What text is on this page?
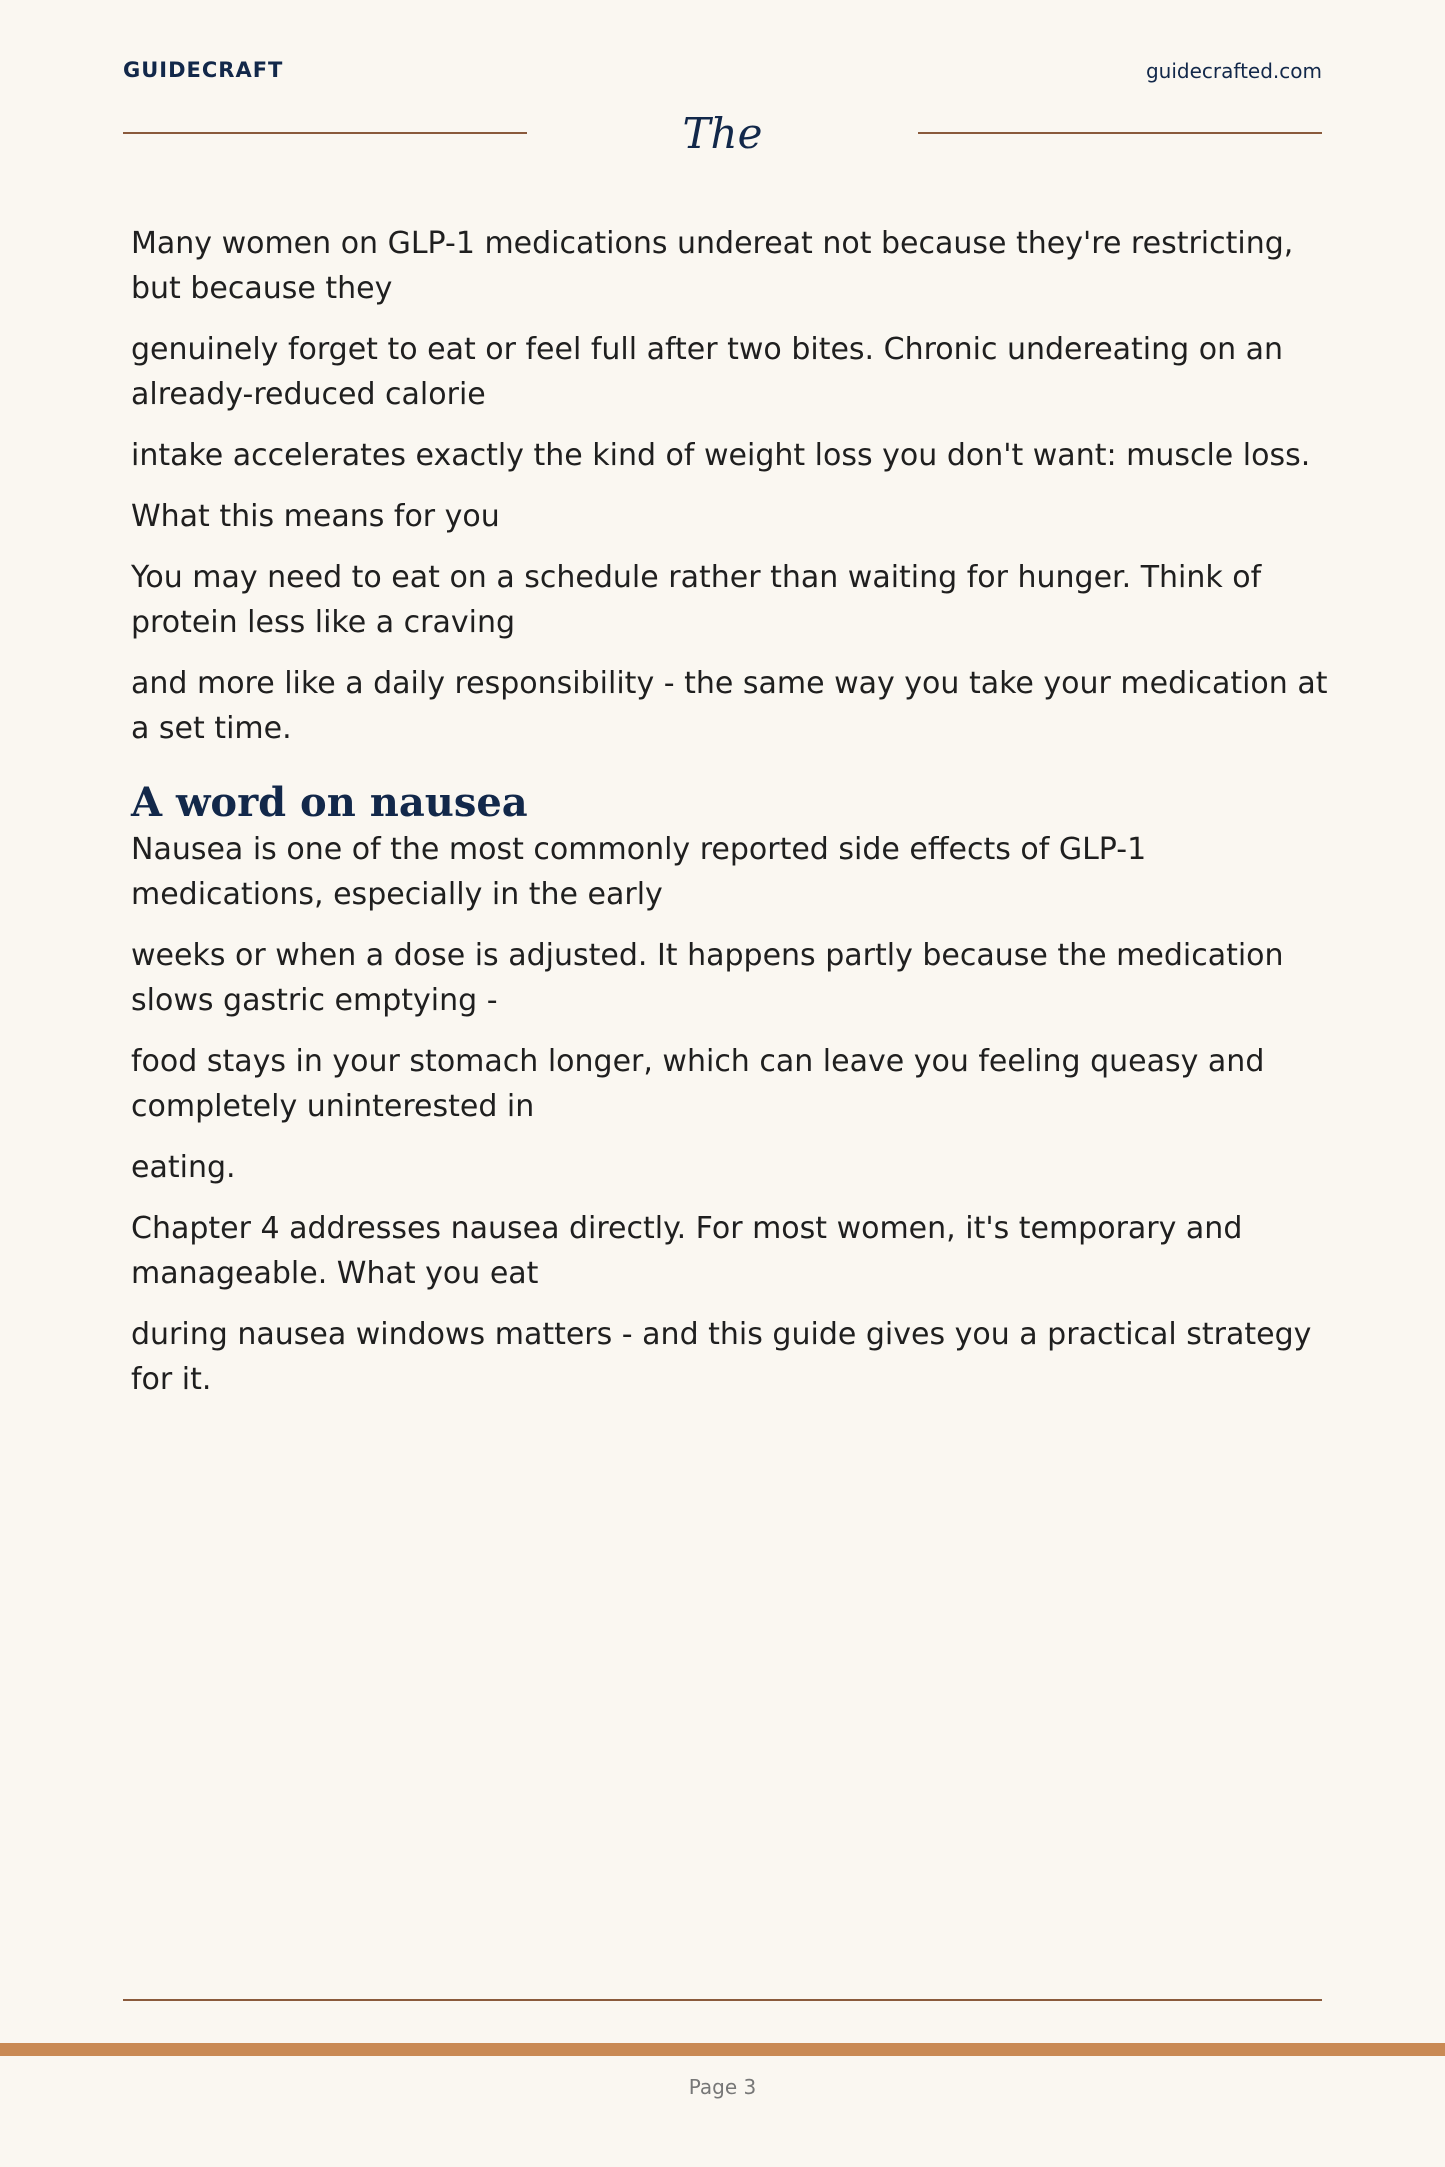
GUIDECRAFT	guidecrafted.com
The

Many women on GLP-1 medications undereat not because they're restricting, but because they

genuinely forget to eat or feel full after two bites. Chronic undereating on an already-reduced calorie

intake accelerates exactly the kind of weight loss you don't want: muscle loss.

What this means for you

You may need to eat on a schedule rather than waiting for hunger. Think of protein less like a craving

and more like a daily responsibility - the same way you take your medication at a set time.

A word on nausea

Nausea is one of the most commonly reported side effects of GLP-1 medications, especially in the early

weeks or when a dose is adjusted. It happens partly because the medication slows gastric emptying -

food stays in your stomach longer, which can leave you feeling queasy and completely uninterested in

eating.

Chapter 4 addresses nausea directly. For most women, it's temporary and manageable. What you eat

during nausea windows matters - and this guide gives you a practical strategy for it.

Page 3
